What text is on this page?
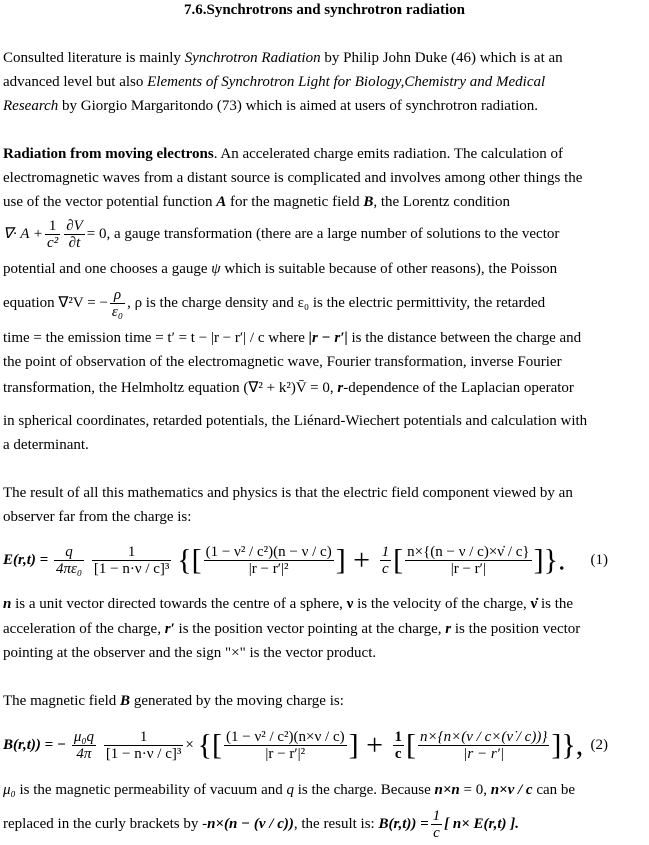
7.6.Synchrotrons and synchrotron radiation
Consulted literature is mainly Synchrotron Radiation by Philip John Duke (46) which is at an
advanced level but also Elements of Synchrotron Light for Biology,Chemistry and Medical
Research by Giorgio Margaritondo (73) which is aimed at users of synchrotron radiation.
Radiation from moving electrons. An accelerated charge emits radiation. The calculation of
electromagnetic waves from a distant source is complicated and involves among other things the
use of the vector potential function A for the magnetic field B, the Lorentz condition
∇· $A + \frac{1}{\text{c²}} \frac{\partial V}{\partial t} = 0$, a gauge transformation (there are a large number of solutions to the vector
potential and one chooses a gauge ψ which is suitable because of other reasons), the Poisson
equation ∇²V = − $\frac{\rho}{\text{ε₀}}$ , ρ is the charge density and ε₀ is the electric permittivity, the retarded
time = the emission time = t′ = t − |r − r′| / c where |r − r′| is the distance between the charge and
the point of observation of the electromagnetic wave, Fourier transformation, inverse Fourier
transformation, the Helmholtz equation (∇² + k²)V̄ = 0, r-dependence of the Laplacian operator
in spherical coordinates, retarded potentials, the Liénard-Wiechert potentials and calculation with
a determinant.
The result of all this mathematics and physics is that the electric field component viewed by an
observer far from the charge is:
$E(r,t) = \frac{q}{\text{4πε₀}}$
$\frac{1}{\text{[1 − n·ν / c]³}}$ {[ $\frac{\text{(1 − ν² / c²)(n − ν / c)}}{\text{|r − r′|²}}$ ] + $\frac{1}{c}$ [ $\frac{n\times\{(n - \nu / c)\times\nu̇ / c\}}{|r - r'|}$ ]}. (1)
n is a unit vector directed towards the centre of a sphere, ν is the velocity of the charge, ν̇ is the
acceleration of the charge, r′ is the position vector pointing at the charge, r is the position vector
pointing at the observer and the sign "×" is the vector product.
The magnetic field B generated by the moving charge is:
B(r,t)) = − $\frac{\text{μ₀q}}{4\pi}$
$\frac{1}{\text{[1 − n·ν / c]³}}$ × {[ $\frac{\text{(1 − ν² / c²)(n×ν / c)}}{\text{|r − r′|²}}$ ] + $\frac{1}{c}$ [ $\frac{n\times\{n\times(\nu / c\times(\nu̇ / c))\}}{|r - r'|}$ ]}, (2)
μ₀ is the magnetic permeability of vacuum and q is the charge. Because n×n = 0, n×ν / c can be
replaced in the curly brackets by -n×(n − (ν / c)), the result is: $B(r,t)) = \frac{1}{c}$ [ n× E(r,t) ].
